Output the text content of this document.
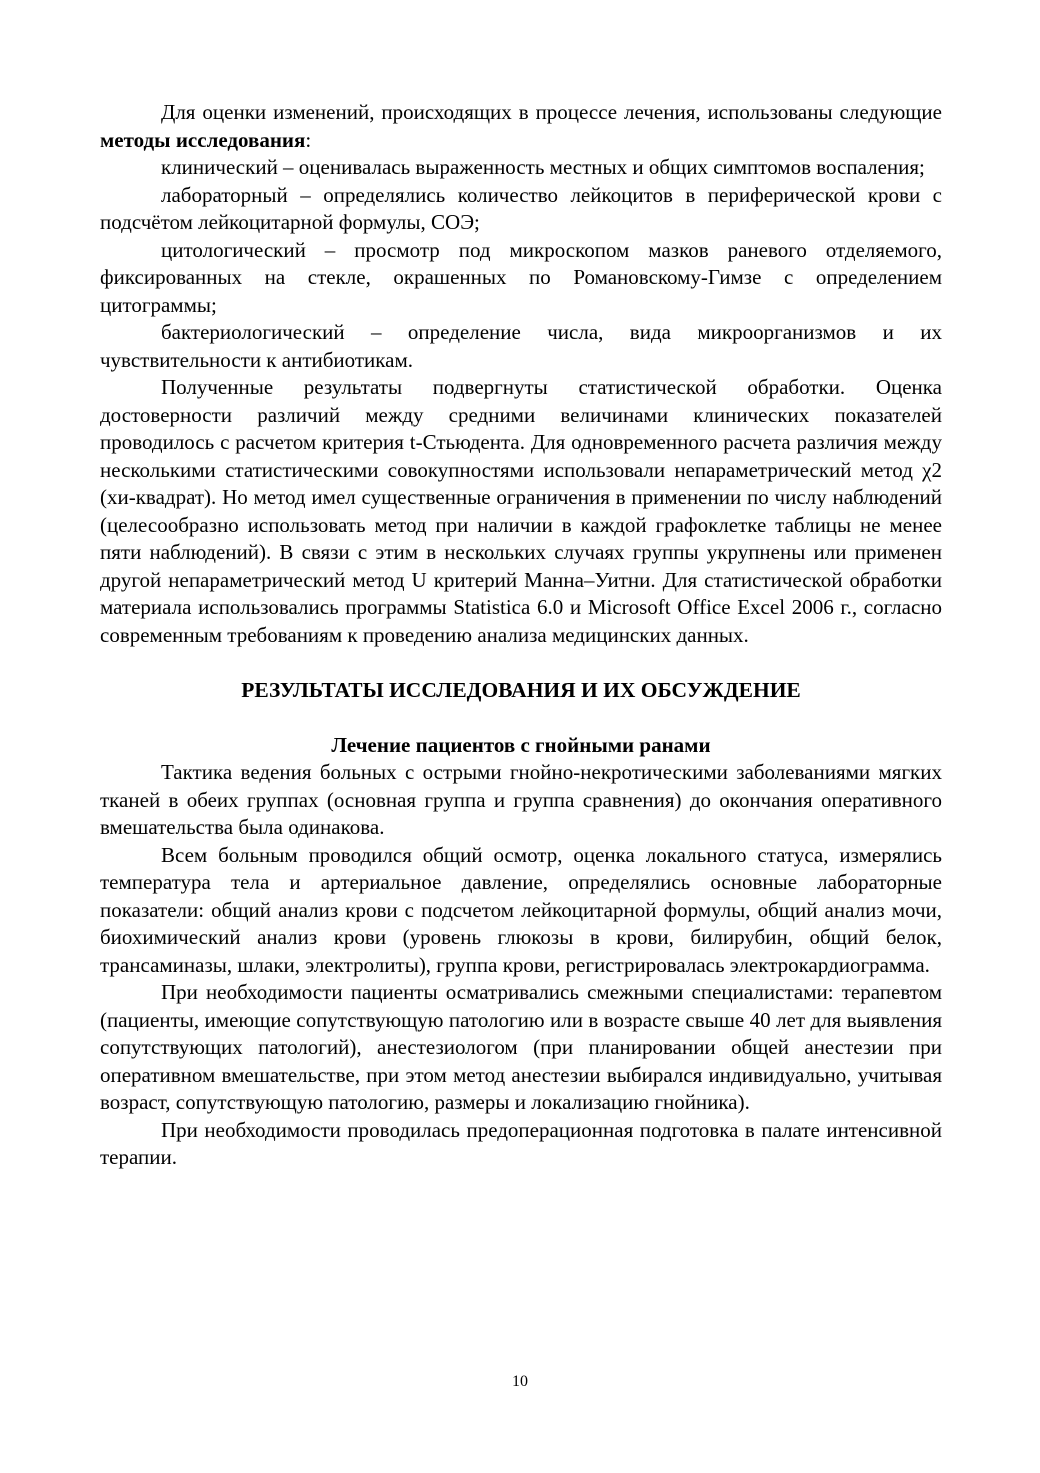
Для оценки изменений, происходящих в процессе лечения, использованы следующие методы исследования:

клинический – оценивалась выраженность местных и общих симптомов воспаления;

лабораторный – определялись количество лейкоцитов в периферической крови с подсчётом лейкоцитарной формулы, СОЭ;

цитологический – просмотр под микроскопом мазков раневого отделяемого, фиксированных на стекле, окрашенных по Романовскому-Гимзе с определением цитограммы;

бактериологический – определение числа, вида микроорганизмов и их чувствительности к антибиотикам.

Полученные результаты подвергнуты статистической обработки. Оценка достоверности различий между средними величинами клинических показателей проводилось с расчетом критерия t-Стьюдента. Для одновременного расчета различия между несколькими статистическими совокупностями использовали непараметрический метод χ2 (хи-квадрат). Но метод имел существенные ограничения в применении по числу наблюдений (целесообразно использовать метод при наличии в каждой графоклетке таблицы не менее пяти наблюдений). В связи с этим в нескольких случаях группы укрупнены или применен другой непараметрический метод U критерий Манна–Уитни. Для статистической обработки материала использовались программы Statistica 6.0 и Microsoft Office Excel 2006 г., согласно современным требованиям к проведению анализа медицинских данных.

РЕЗУЛЬТАТЫ ИССЛЕДОВАНИЯ И ИХ ОБСУЖДЕНИЕ
Лечение пациентов с гнойными ранами

Тактика ведения больных с острыми гнойно-некротическими заболеваниями мягких тканей в обеих группах (основная группа и группа сравнения) до окончания оперативного вмешательства была одинакова.

Всем больным проводился общий осмотр, оценка локального статуса, измерялись температура тела и артериальное давление, определялись основные лабораторные показатели: общий анализ крови с подсчетом лейкоцитарной формулы, общий анализ мочи, биохимический анализ крови (уровень глюкозы в крови, билирубин, общий белок, трансаминазы, шлаки, электролиты), группа крови, регистрировалась электрокардиограмма.

При необходимости пациенты осматривались смежными специалистами: терапевтом (пациенты, имеющие сопутствующую патологию или в возрасте свыше 40 лет для выявления сопутствующих патологий), анестезиологом (при планировании общей анестезии при оперативном вмешательстве, при этом метод анестезии выбирался индивидуально, учитывая возраст, сопутствующую патологию, размеры и локализацию гнойника).

При необходимости проводилась предоперационная подготовка в палате интенсивной терапии.

10
